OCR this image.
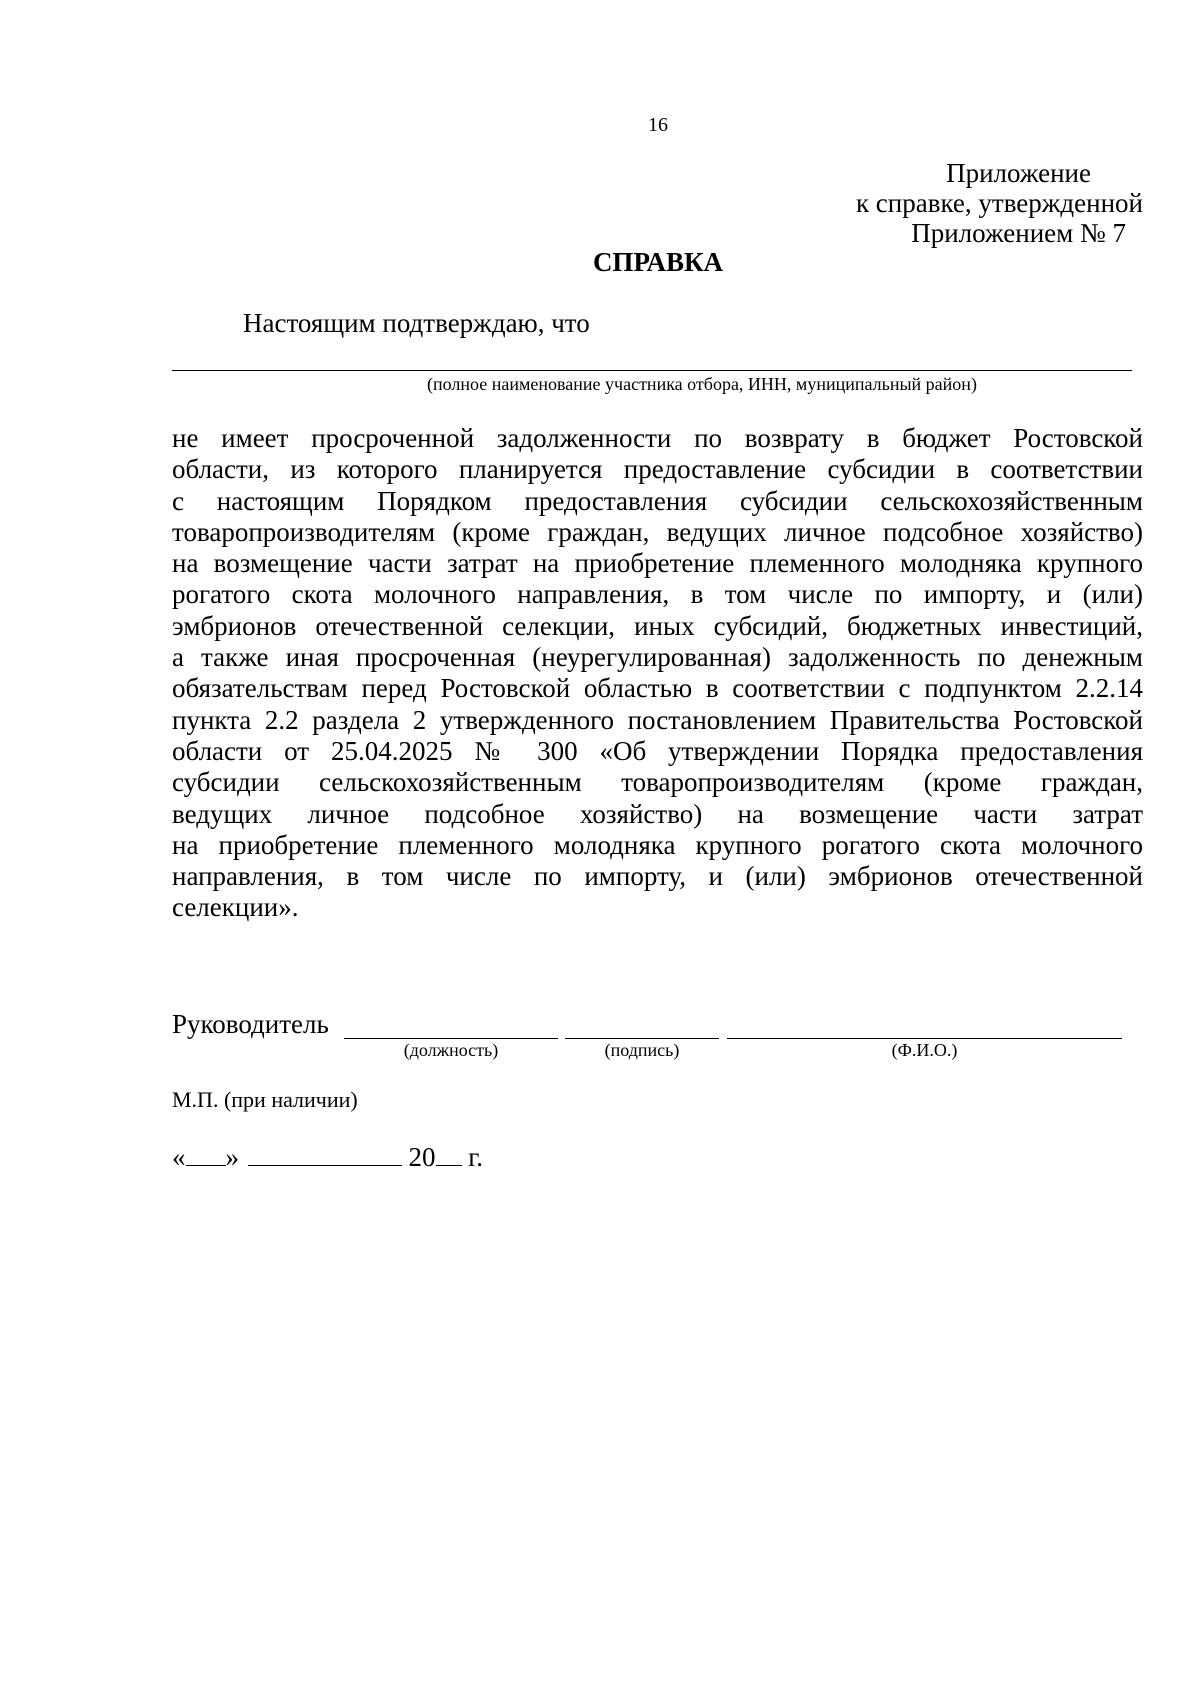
16
Приложение
к справке, утвержденной
Приложением № 7
СПРАВКА
Настоящим подтверждаю, что
(полное наименование участника отбора, ИНН, муниципальный район)
не имеет просроченной задолженности по возврату в бюджет Ростовской
области, из которого планируется предоставление субсидии в соответствии
с настоящим Порядком предоставления субсидии сельскохозяйственным
товаропроизводителям (кроме граждан, ведущих личное подсобное хозяйство)
на возмещение части затрат на приобретение племенного молодняка крупного
рогатого скота молочного направления, в том числе по импорту, и (или)
эмбрионов отечественной селекции, иных субсидий, бюджетных инвестиций,
а также иная просроченная (неурегулированная) задолженность по денежным
обязательствам перед Ростовской областью в соответствии с подпунктом 2.2.14
пункта 2.2 раздела 2 утвержденного постановлением Правительства Ростовской
области от 25.04.2025 № 300 «Об утверждении Порядка предоставления
субсидии сельскохозяйственным товаропроизводителям (кроме граждан,
ведущих личное подсобное хозяйство) на возмещение части затрат
на приобретение племенного молодняка крупного рогатого скота молочного
направления, в том числе по импорту, и (или) эмбрионов отечественной
селекции».
Руководитель
(должность)	(подпись)	(Ф.И.О.)
М.П. (при наличии)
« »	20 г.
